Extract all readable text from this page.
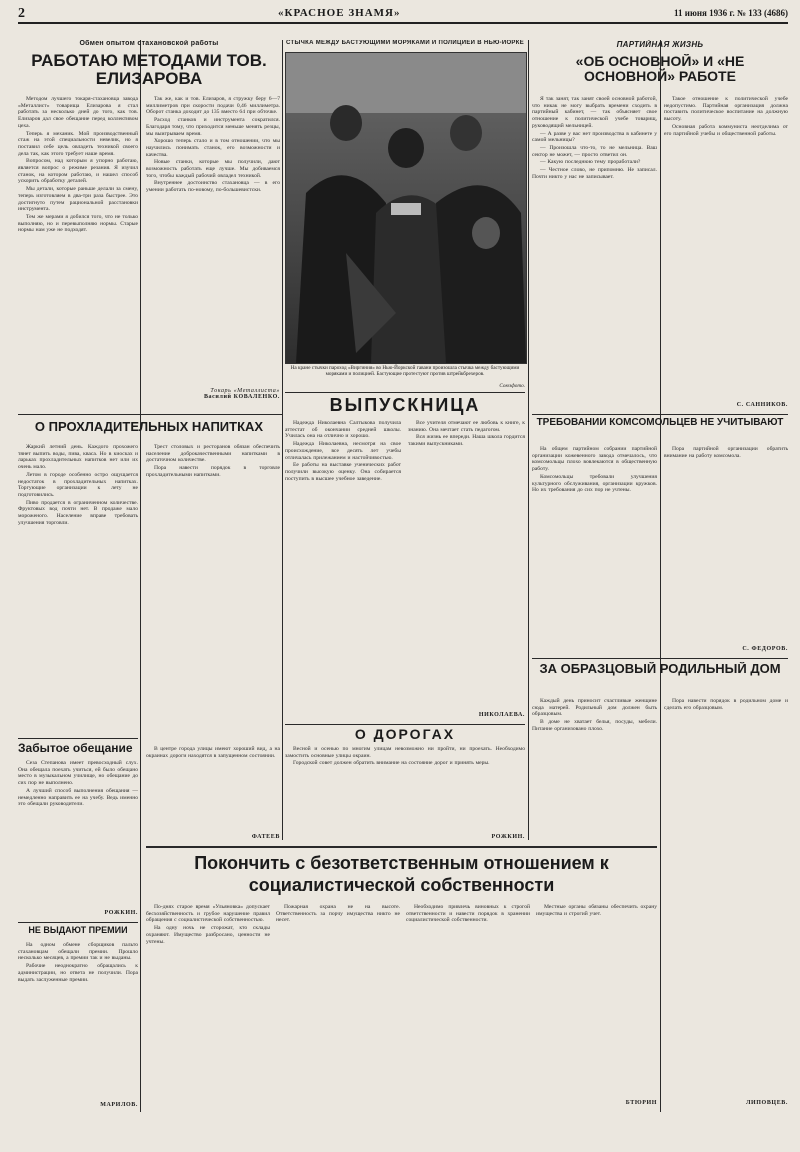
2	«КРАСНОЕ ЗНАМЯ»	11 июня 1936 г. № 133 (4686)
Обмен опытом стахановской работы
РАБОТАЮ МЕТОДАМИ ТОВ. ЕЛИЗАРОВА

Методом лучшего токаря-стахановца завода «Металлист» товарища Елизарова я стал работать за несколько дней до того, как тов. Елизаров дал свое обещание перед коллективом цеха.

Теперь я механик. Мой производственный стаж на этой специальности невелик, но я поставил себе цель овладеть техникой своего дела так, как этого требует наше время.

Вопросом, над которым я упорно работаю, является вопрос о режиме резания. Я изучил станок, на котором работаю, и нашел способ ускорить обработку деталей.

Мы детали, которые раньше делали за смену, теперь изготовляем в два-три раза быстрее. Это достигнуто путем рациональной расстановки инструмента.

Тем же мерами я добился того, что не только выполняю, но и перевыполняю нормы. Старые нормы нам уже не подходят.

Так же, как и тов. Елизаров, я стружку беру 6—7 миллиметров при скорости подачи 0,46 миллиметра. Оборот станка доходит до 135 вместо 64 при обточке.

Расход станков и инструмента сократился. Благодаря тому, что приходится меньше менять резцы, мы выигрываем время.

Хорошо теперь стало и в том отношении, что мы научились понимать станок, его возможности и качества.

Новые станки, которые мы получили, дают возможность работать еще лучше. Мы добиваемся того, чтобы каждый рабочий овладел техникой.

Внутреннее достоинство стахановца — в его умении работать по-новому, по-большевистски.

Токарь «Металлиста»
Василий КОВАЛЕНКО.
О ПРОХЛАДИТЕЛЬНЫХ НАПИТКАХ

Жаркий летний день. Каждого прохожего тянет выпить воды, пива, кваса. Но в киосках и ларьках прохладительных напитков нет или их очень мало.

Летом в городе особенно остро ощущается недостаток в прохладительных напитках. Торгующие организации к лету не подготовились.

Пиво продается в ограниченном количестве. Фруктовых вод почти нет. В продаже мало мороженого. Население вправе требовать улучшения торговли.

Трест столовых и ресторанов обязан обеспечить население доброкачественными напитками в достаточном количестве.

Пора навести порядок в торговле прохладительными напитками.

Забытое обещание

Сеза Степанова имеет превосходный слух. Она обещала поехать учиться, ей было обещано место в музыкальном училище, но обещание до сих пор не выполнено.

А лучший способ выполнения обещания — немедленно направить ее на учебу. Ведь именно это обещали руководители.

РОЖКИН.
НЕ ВЫДАЮТ ПРЕМИИ

На одном обмене сборщиков пальто стахановцам обещали премии. Прошло несколько месяцев, а премии так и не выданы.

Рабочие неоднократно обращались к администрации, но ответа не получили. Пора выдать заслуженные премии.

МАРИЛОВ.
СТЫЧКА МЕЖДУ БАСТУЮЩИМИ МОРЯКАМИ И ПОЛИЦИЕЙ В НЬЮ-ЙОРКЕ
На кране стычки пароход «Виргиния» во Нью-Йоркской гавани произошла стычка между бастующими моряками и полицией. Бастующие протестуют против штрейкбрехеров.
Союзфото.
ВЫПУСКНИЦА

Надежда Николаевна Салтыкова получила аттестат об окончании средней школы. Училась она на отлично и хорошо.

Надежда Николаевна, несмотря на свое происхождение, все десять лет учебы отличалась прилежанием и настойчивостью.

Ее работы на выставке ученических работ получили высокую оценку. Она собирается поступить в высшее учебное заведение.

Все учителя отмечают ее любовь к книге, к знанию. Она мечтает стать педагогом.

Вся жизнь ее впереди. Наша школа гордится такими выпускниками.

НИКОЛАЕВА.
О ДОРОГАХ

В центре города улицы имеют хороший вид, а на окраинах дороги находятся в запущенном состоянии.

Весной и осенью по многим улицам невозможно ни пройти, ни проехать. Необходимо замостить основные улицы окраин.

Городской совет должен обратить внимание на состояние дорог и принять меры.

ФАТЕЕВ	РОЖКИН.
ПАРТИЙНАЯ ЖИЗНЬ
«ОБ ОСНОВНОЙ» И «НЕ ОСНОВНОЙ» РАБОТЕ

Я так занят, так занят своей основной работой, что никак не могу выбрать времени сходить в партийный кабинет, — так объясняет свое отношение к политической учебе товарищ, руководящий мельницей.

— А разве у вас нет производства в кабинете у самой мельницы?

— Произошла что-то, то не мельница. Ваш сектор не может, — просто ответил он.

— Какую последнюю тему проработали?

— Честное слово, не припомню. Не записал. Почти никто у нас не записывает.

Такое отношение к политической учебе недопустимо. Партийная организация должна поставить политическое воспитание на должную высоту.

Основная работа коммуниста неотделима от его партийной учебы и общественной работы.

С. САННИКОВ.
ТРЕБОВАНИЙ КОМСОМОЛЬЦЕВ НЕ УЧИТЫВАЮТ

На общем партийном собрании партийной организации кожевенного завода отмечалось, что комсомольцы плохо вовлекаются в общественную работу.

Комсомольцы требовали улучшения культурного обслуживания, организации кружков. Но их требования до сих пор не учтены.

Пора партийной организации обратить внимание на работу комсомола.

С. ФЕДОРОВ.
ЗА ОБРАЗЦОВЫЙ РОДИЛЬНЫЙ ДОМ

Каждый день приносит счастливые женщине сюда матерей. Родильный дом должен быть образцовым.

В доме не хватает белья, посуды, мебели. Питание организовано плохо.

Пора навести порядок в родильном доме и сделать его образцовым.

ЛИПОВЦЕВ.
Покончить с безответственным отношением к социалистической собственности

По-днях старое время «Ульяновка» допускает бесхозяйственность и грубое нарушение правил обращения с социалистической собственностью.

На одну ночь не сторожат, кто склады охраняют. Имущество разбросано, ценности не учтены.

Пожарная охрана не на высоте. Ответственность за порчу имущества никто не несет.

Необходимо привлечь виновных к строгой ответственности и навести порядок в хранении социалистической собственности.

Местные органы обязаны обеспечить охрану имущества и строгий учет.

БТЮРИН
